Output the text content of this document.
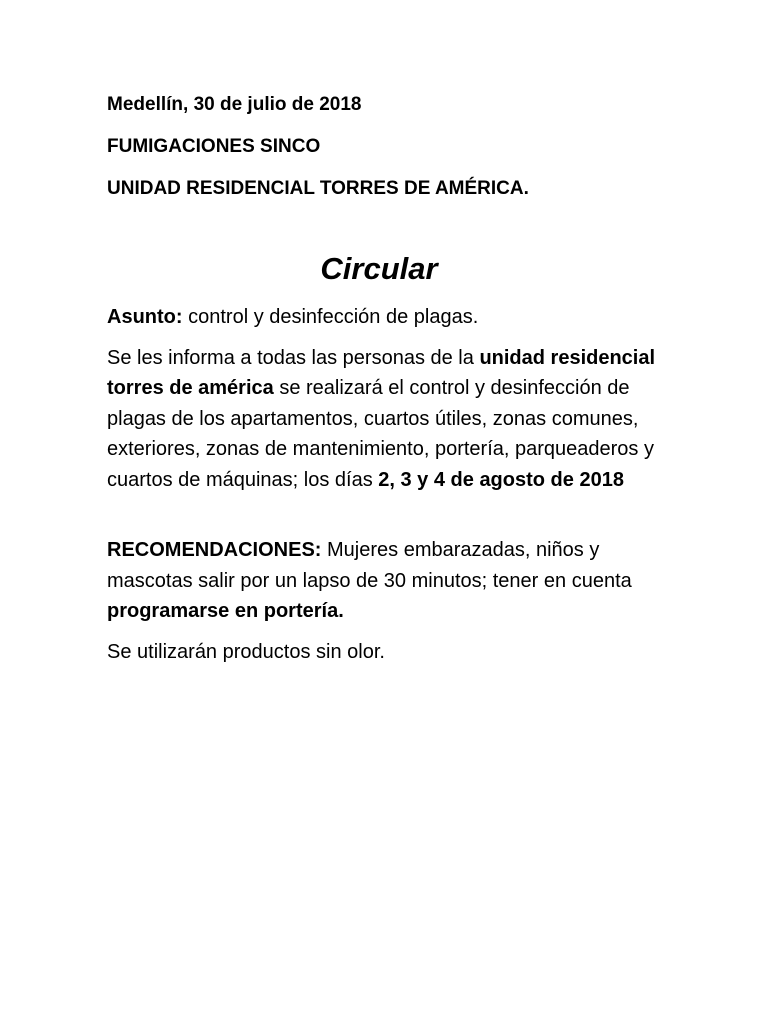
Medellín, 30 de julio de 2018
FUMIGACIONES SINCO
UNIDAD RESIDENCIAL TORRES DE AMÉRICA.
Circular
Asunto: control y desinfección de plagas.
Se les informa a todas las personas de la unidad residencial torres de américa se realizará el control y desinfección de plagas de los apartamentos, cuartos útiles, zonas comunes, exteriores, zonas de mantenimiento, portería, parqueaderos y cuartos de máquinas; los días 2, 3 y 4 de agosto de 2018
RECOMENDACIONES: Mujeres embarazadas, niños y mascotas salir por un lapso de 30 minutos; tener en cuenta programarse en portería.
Se utilizarán productos sin olor.
